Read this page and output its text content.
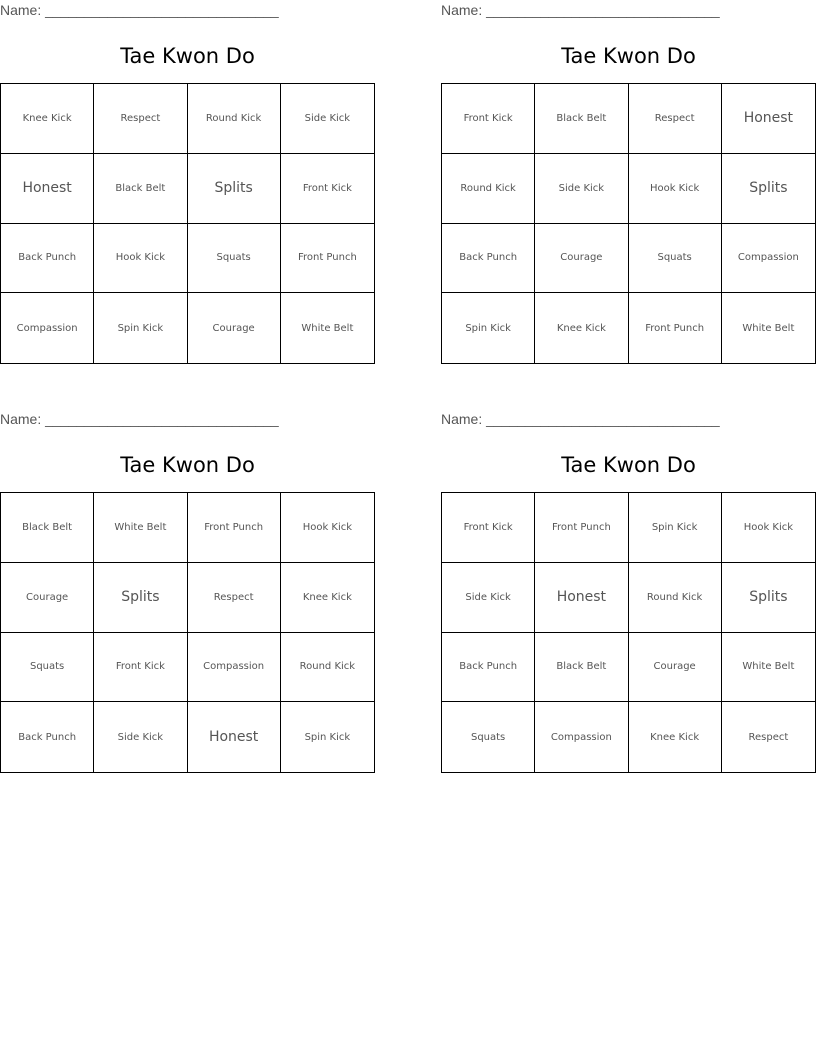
Name: ______________________________
Tae Kwon Do
Knee Kick	Respect	Round Kick	Side Kick
Honest	Black Belt	Splits	Front Kick
Back Punch	Hook Kick	Squats	Front Punch
Compassion	Spin Kick	Courage	White Belt
Name: ______________________________
Tae Kwon Do
Front Kick	Black Belt	Respect	Honest
Round Kick	Side Kick	Hook Kick	Splits
Back Punch	Courage	Squats	Compassion
Spin Kick	Knee Kick	Front Punch	White Belt
Name: ______________________________
Tae Kwon Do
Black Belt	White Belt	Front Punch	Hook Kick
Courage	Splits	Respect	Knee Kick
Squats	Front Kick	Compassion	Round Kick
Back Punch	Side Kick	Honest	Spin Kick
Name: ______________________________
Tae Kwon Do
Front Kick	Front Punch	Spin Kick	Hook Kick
Side Kick	Honest	Round Kick	Splits
Back Punch	Black Belt	Courage	White Belt
Squats	Compassion	Knee Kick	Respect
